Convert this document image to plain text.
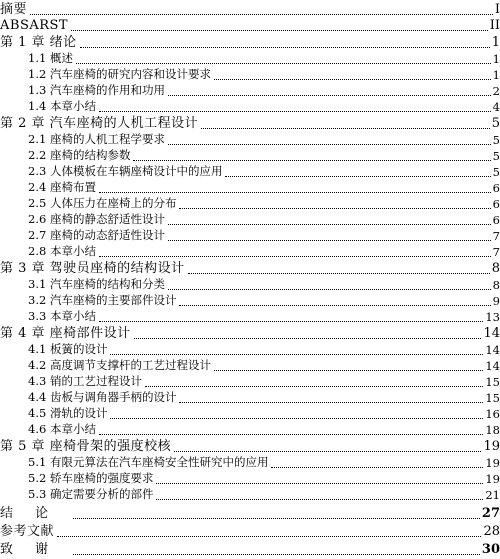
摘要	I
ABSARST	II
第 1 章 绪论	1
1.1 概述	1
1.2 汽车座椅的研究内容和设计要求	1
1.3 汽车座椅的作用和功用	2
1.4 本章小结	4
第 2 章 汽车座椅的人机工程设计	5
2.1 座椅的人机工程学要求	5
2.2 座椅的结构参数	5
2.3 人体模板在车辆座椅设计中的应用	5
2.4 座椅布置	6
2.5 人体压力在座椅上的分布	6
2.6 座椅的静态舒适性设计	6
2.7 座椅的动态舒适性设计	7
2.8 本章小结	7
第 3 章 驾驶员座椅的结构设计	8
3.1 汽车座椅的结构和分类	8
3.2 汽车座椅的主要部件设计	9
3.3 本章小结	13
第 4 章 座椅部件设计	14
4.1 板簧的设计	14
4.2 高度调节支撑杆的工艺过程设计	14
4.3 销的工艺过程设计	15
4.4 齿板与调角器手柄的设计	15
4.5 滑轨的设计	16
4.6 本章小结	18
第 5 章 座椅骨架的强度校核	19
5.1 有限元算法在汽车座椅安全性研究中的应用	19
5.2 轿车座椅的强度要求	19
5.3 确定需要分析的部件	21
结论	27
参考文献	28
致谢	30
